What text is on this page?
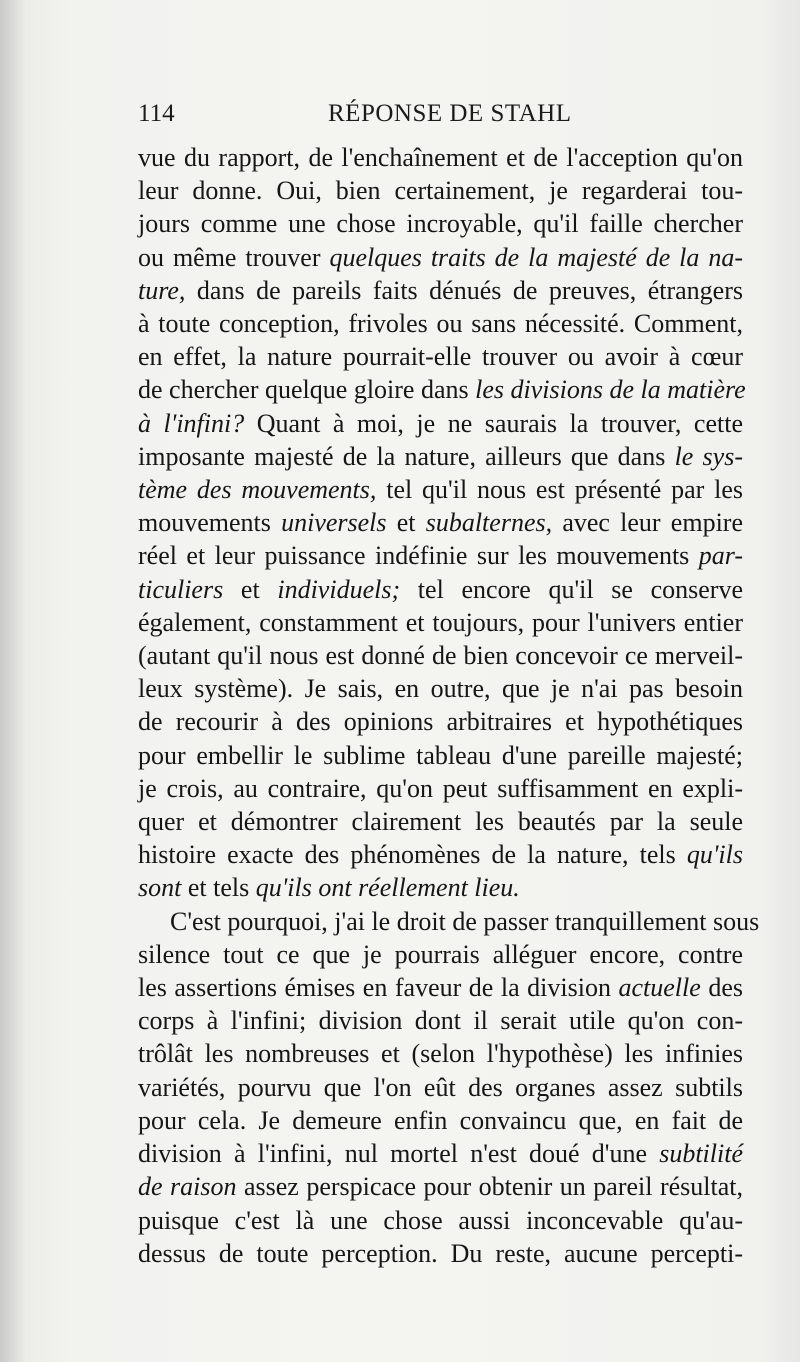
114	RÉPONSE DE STAHL

vue du rapport, de l'enchaînement et de l'acception qu'on
leur donne. Oui, bien certainement, je regarderai tou-
jours comme une chose incroyable, qu'il faille chercher
ou même trouver quelques traits de la majesté de la na-
ture, dans de pareils faits dénués de preuves, étrangers
à toute conception, frivoles ou sans nécessité. Comment,
en effet, la nature pourrait-elle trouver ou avoir à cœur
de chercher quelque gloire dans les divisions de la matière
à l'infini? Quant à moi, je ne saurais la trouver, cette
imposante majesté de la nature, ailleurs que dans le sys-
tème des mouvements, tel qu'il nous est présenté par les
mouvements universels et subalternes, avec leur empire
réel et leur puissance indéfinie sur les mouvements par-
ticuliers et individuels; tel encore qu'il se conserve
également, constamment et toujours, pour l'univers entier
(autant qu'il nous est donné de bien concevoir ce merveil-
leux système). Je sais, en outre, que je n'ai pas besoin
de recourir à des opinions arbitraires et hypothétiques
pour embellir le sublime tableau d'une pareille majesté;
je crois, au contraire, qu'on peut suffisamment en expli-
quer et démontrer clairement les beautés par la seule
histoire exacte des phénomènes de la nature, tels qu'ils
sont et tels qu'ils ont réellement lieu.

C'est pourquoi, j'ai le droit de passer tranquillement sous
silence tout ce que je pourrais alléguer encore, contre
les assertions émises en faveur de la division actuelle des
corps à l'infini; division dont il serait utile qu'on con-
trôlât les nombreuses et (selon l'hypothèse) les infinies
variétés, pourvu que l'on eût des organes assez subtils
pour cela. Je demeure enfin convaincu que, en fait de
division à l'infini, nul mortel n'est doué d'une subtilité
de raison assez perspicace pour obtenir un pareil résultat,
puisque c'est là une chose aussi inconcevable qu'au-
dessus de toute perception. Du reste, aucune percepti-
